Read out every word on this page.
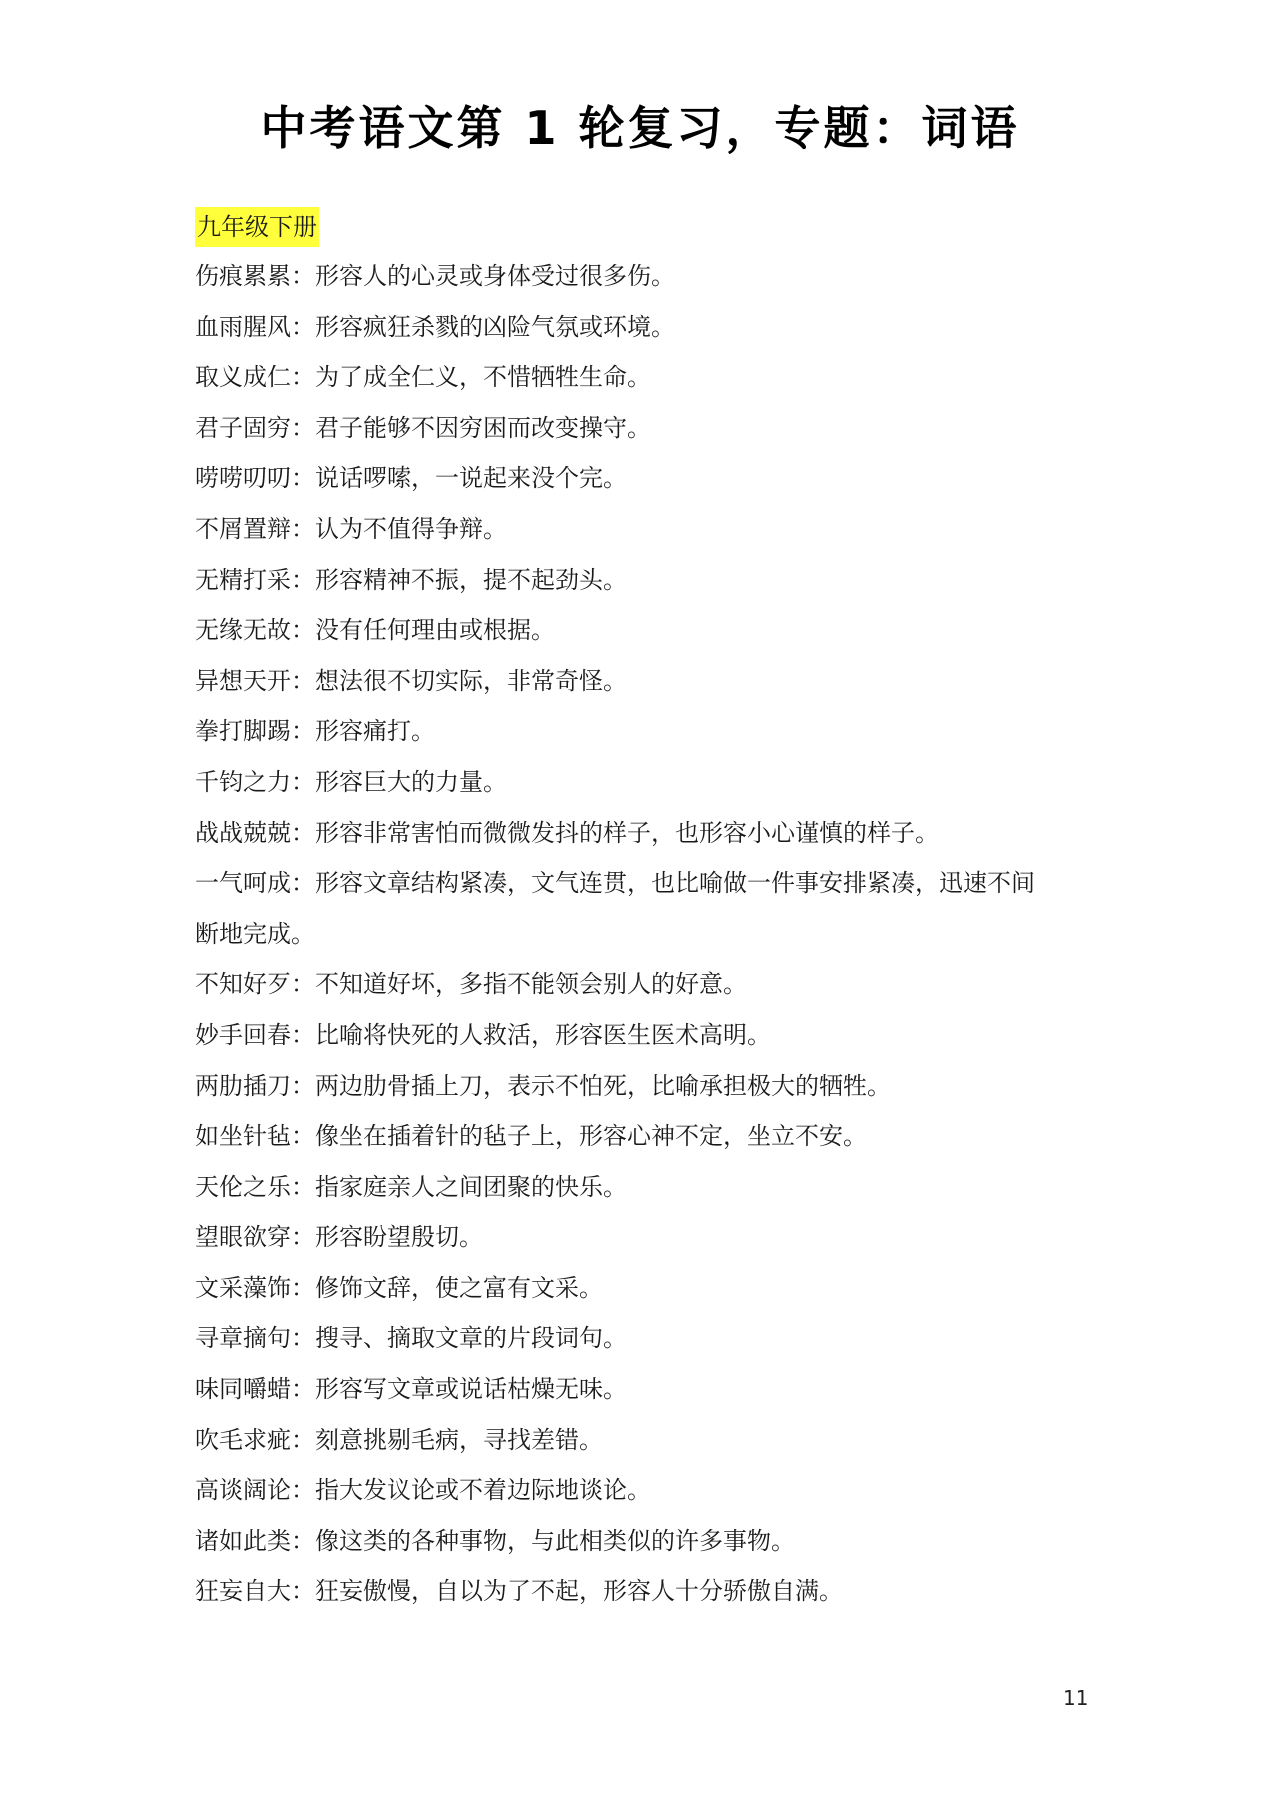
中考语文第 1 轮复习，专题：词语
九年级下册

伤痕累累：形容人的心灵或身体受过很多伤。

血雨腥风：形容疯狂杀戮的凶险气氛或环境。

取义成仁：为了成全仁义，不惜牺牲生命。

君子固穷：君子能够不因穷困而改变操守。

唠唠叨叨：说话啰嗦，一说起来没个完。

不屑置辩：认为不值得争辩。

无精打采：形容精神不振，提不起劲头。

无缘无故：没有任何理由或根据。

异想天开：想法很不切实际，非常奇怪。

拳打脚踢：形容痛打。

千钧之力：形容巨大的力量。

战战兢兢：形容非常害怕而微微发抖的样子，也形容小心谨慎的样子。

一气呵成：形容文章结构紧凑，文气连贯，也比喻做一件事安排紧凑，迅速不间

断地完成。

不知好歹：不知道好坏，多指不能领会别人的好意。

妙手回春：比喻将快死的人救活，形容医生医术高明。

两肋插刀：两边肋骨插上刀，表示不怕死，比喻承担极大的牺牲。

如坐针毡：像坐在插着针的毡子上，形容心神不定，坐立不安。

天伦之乐：指家庭亲人之间团聚的快乐。

望眼欲穿：形容盼望殷切。

文采藻饰：修饰文辞，使之富有文采。

寻章摘句：搜寻、摘取文章的片段词句。

味同嚼蜡：形容写文章或说话枯燥无味。

吹毛求疵：刻意挑剔毛病，寻找差错。

高谈阔论：指大发议论或不着边际地谈论。

诸如此类：像这类的各种事物，与此相类似的许多事物。

狂妄自大：狂妄傲慢，自以为了不起，形容人十分骄傲自满。

11
